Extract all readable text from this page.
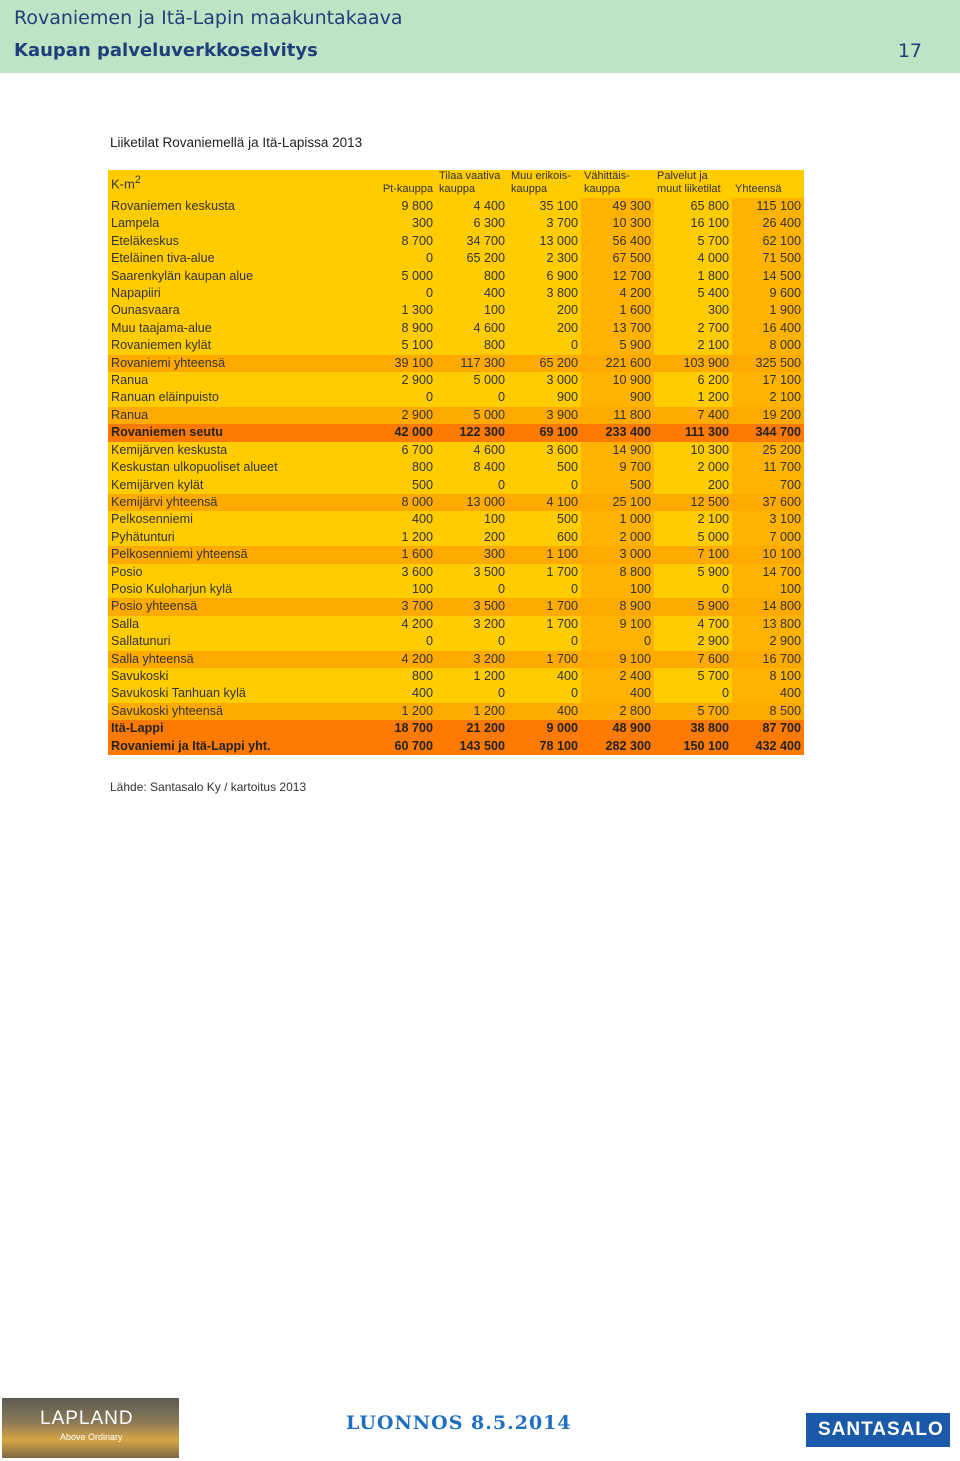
Rovaniemen ja Itä-Lapin maakuntakaava
Kaupan palveluverkkoselvitys	17
Liiketilat Rovaniemellä ja Itä-Lapissa 2013
$K-m^2$	Pt-kauppa	Tilaa vaativa kauppa	Muu erikois-kauppa	Vähittäis-kauppa	Palvelut ja muut liiketilat	Yhteensä
Rovaniemen keskusta	9 800	4 400	35 100	49 300	65 800	115 100
Lampela	300	6 300	3 700	10 300	16 100	26 400
Eteläkeskus	8 700	34 700	13 000	56 400	5 700	62 100
Eteläinen tiva-alue	0	65 200	2 300	67 500	4 000	71 500
Saarenkylän kaupan alue	5 000	800	6 900	12 700	1 800	14 500
Napapiiri	0	400	3 800	4 200	5 400	9 600
Ounasvaara	1 300	100	200	1 600	300	1 900
Muu taajama-alue	8 900	4 600	200	13 700	2 700	16 400
Rovaniemen kylät	5 100	800	0	5 900	2 100	8 000
Rovaniemi yhteensä	39 100	117 300	65 200	221 600	103 900	325 500
Ranua	2 900	5 000	3 000	10 900	6 200	17 100
Ranuan eläinpuisto	0	0	900	900	1 200	2 100
Ranua	2 900	5 000	3 900	11 800	7 400	19 200
Rovaniemen seutu	42 000	122 300	69 100	233 400	111 300	344 700
Kemijärven keskusta	6 700	4 600	3 600	14 900	10 300	25 200
Keskustan ulkopuoliset alueet	800	8 400	500	9 700	2 000	11 700
Kemijärven kylät	500	0	0	500	200	700
Kemijärvi yhteensä	8 000	13 000	4 100	25 100	12 500	37 600
Pelkosenniemi	400	100	500	1 000	2 100	3 100
Pyhätunturi	1 200	200	600	2 000	5 000	7 000
Pelkosenniemi yhteensä	1 600	300	1 100	3 000	7 100	10 100
Posio	3 600	3 500	1 700	8 800	5 900	14 700
Posio Kuloharjun kylä	100	0	0	100	0	100
Posio yhteensä	3 700	3 500	1 700	8 900	5 900	14 800
Salla	4 200	3 200	1 700	9 100	4 700	13 800
Sallatunuri	0	0	0	0	2 900	2 900
Salla yhteensä	4 200	3 200	1 700	9 100	7 600	16 700
Savukoski	800	1 200	400	2 400	5 700	8 100
Savukoski Tanhuan kylä	400	0	0	400	0	400
Savukoski yhteensä	1 200	1 200	400	2 800	5 700	8 500
Itä-Lappi	18 700	21 200	9 000	48 900	38 800	87 700
Rovaniemi ja Itä-Lappi yht.	60 700	143 500	78 100	282 300	150 100	432 400
Lähde: Santasalo Ky / kartoitus 2013
LAPLAND
Above Ordinary
LUONNOS 8.5.2014	SANTASALO
